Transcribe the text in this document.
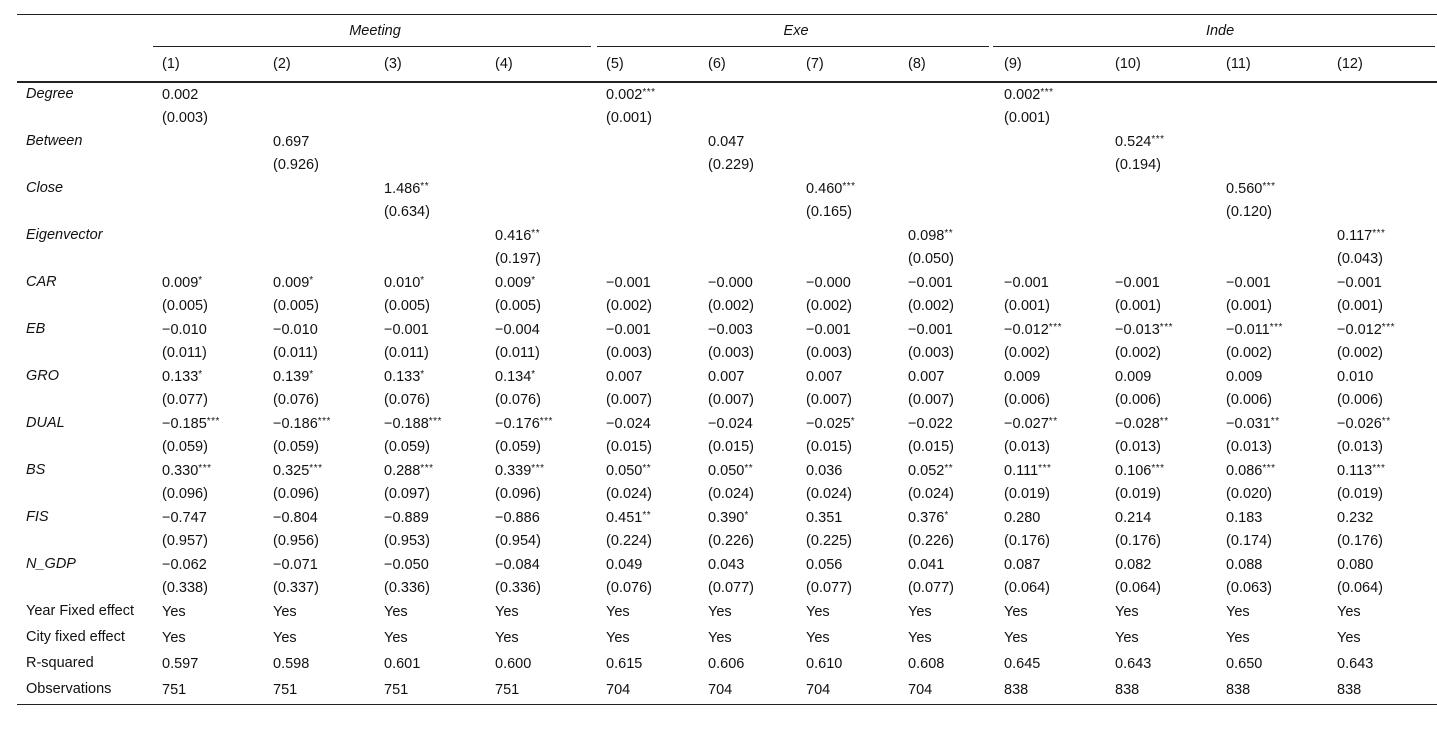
	Meeting				Exe				Inde			
	(1)	(2)	(3)	(4)	(5)	(6)	(7)	(8)	(9)	(10)	(11)	(12)
Degree	0.002				0.002***				0.002***			
	(0.003)				(0.001)				(0.001)			
Between		0.697				0.047				0.524***		
		(0.926)				(0.229)				(0.194)		
Close			1.486**				0.460***				0.560***	
			(0.634)				(0.165)				(0.120)	
Eigenvector				0.416**				0.098**				0.117***
				(0.197)				(0.050)				(0.043)
CAR	0.009*	0.009*	0.010*	0.009*	−0.001	−0.000	−0.000	−0.001	−0.001	−0.001	−0.001	−0.001
	(0.005)	(0.005)	(0.005)	(0.005)	(0.002)	(0.002)	(0.002)	(0.002)	(0.001)	(0.001)	(0.001)	(0.001)
EB	−0.010	−0.010	−0.001	−0.004	−0.001	−0.003	−0.001	−0.001	−0.012***	−0.013***	−0.011***	−0.012***
	(0.011)	(0.011)	(0.011)	(0.011)	(0.003)	(0.003)	(0.003)	(0.003)	(0.002)	(0.002)	(0.002)	(0.002)
GRO	0.133*	0.139*	0.133*	0.134*	0.007	0.007	0.007	0.007	0.009	0.009	0.009	0.010
	(0.077)	(0.076)	(0.076)	(0.076)	(0.007)	(0.007)	(0.007)	(0.007)	(0.006)	(0.006)	(0.006)	(0.006)
DUAL	−0.185***	−0.186***	−0.188***	−0.176***	−0.024	−0.024	−0.025*	−0.022	−0.027**	−0.028**	−0.031**	−0.026**
	(0.059)	(0.059)	(0.059)	(0.059)	(0.015)	(0.015)	(0.015)	(0.015)	(0.013)	(0.013)	(0.013)	(0.013)
BS	0.330***	0.325***	0.288***	0.339***	0.050**	0.050**	0.036	0.052**	0.111***	0.106***	0.086***	0.113***
	(0.096)	(0.096)	(0.097)	(0.096)	(0.024)	(0.024)	(0.024)	(0.024)	(0.019)	(0.019)	(0.020)	(0.019)
FIS	−0.747	−0.804	−0.889	−0.886	0.451**	0.390*	0.351	0.376*	0.280	0.214	0.183	0.232
	(0.957)	(0.956)	(0.953)	(0.954)	(0.224)	(0.226)	(0.225)	(0.226)	(0.176)	(0.176)	(0.174)	(0.176)
N_GDP	−0.062	−0.071	−0.050	−0.084	0.049	0.043	0.056	0.041	0.087	0.082	0.088	0.080
	(0.338)	(0.337)	(0.336)	(0.336)	(0.076)	(0.077)	(0.077)	(0.077)	(0.064)	(0.064)	(0.063)	(0.064)
Year Fixed effect	Yes	Yes	Yes	Yes	Yes	Yes	Yes	Yes	Yes	Yes	Yes	Yes
City fixed effect	Yes	Yes	Yes	Yes	Yes	Yes	Yes	Yes	Yes	Yes	Yes	Yes
R-squared	0.597	0.598	0.601	0.600	0.615	0.606	0.610	0.608	0.645	0.643	0.650	0.643
Observations	751	751	751	751	704	704	704	704	838	838	838	838
